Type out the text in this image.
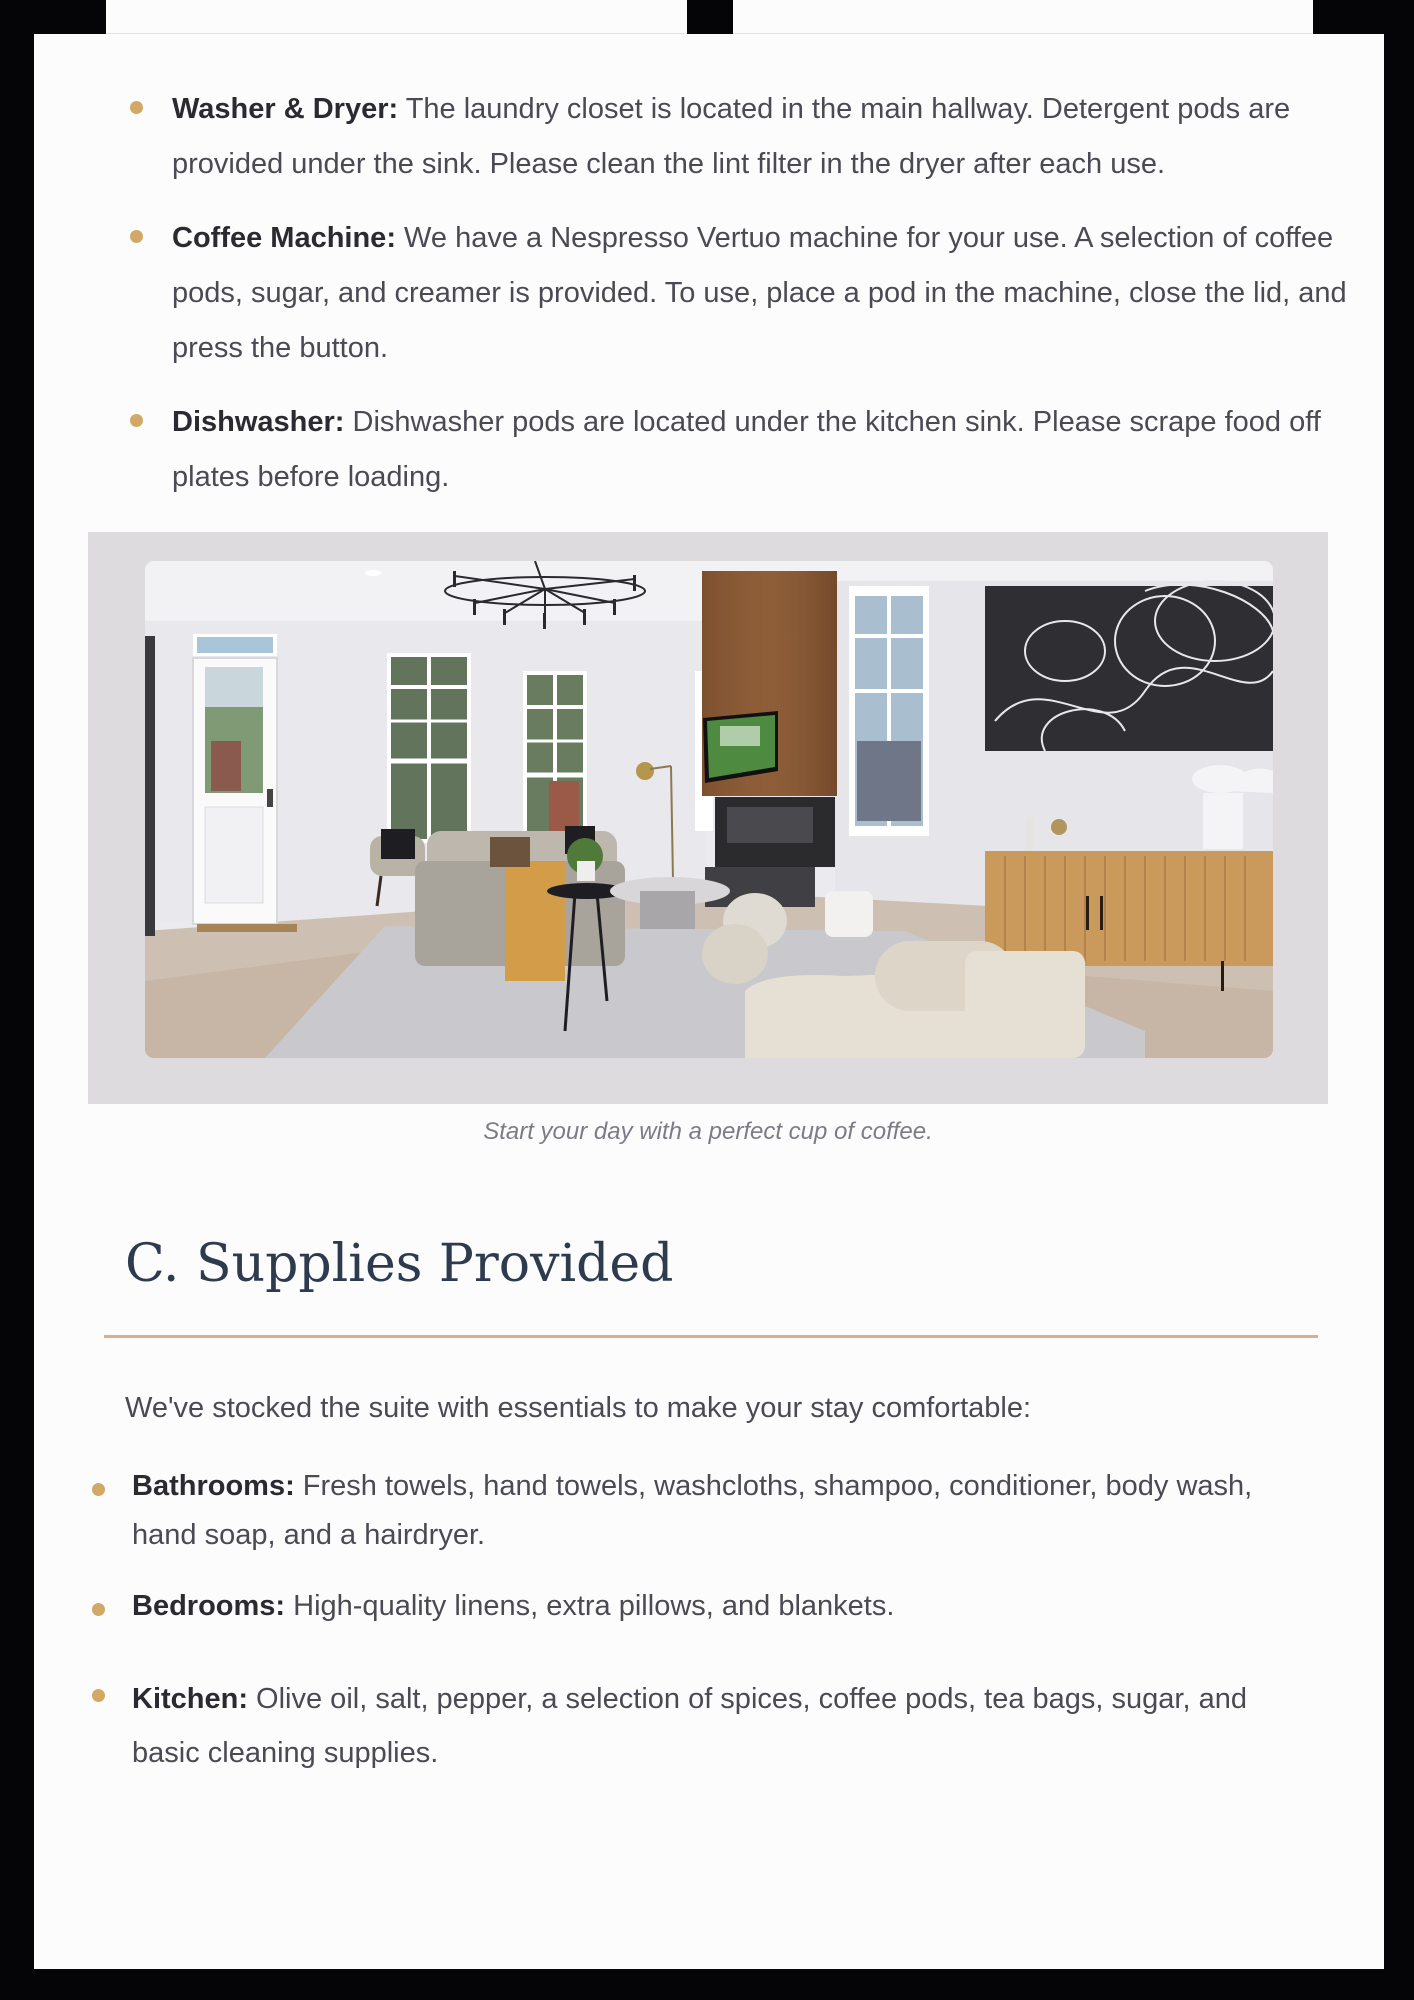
Washer & Dryer: The laundry closet is located in the main hallway. Detergent pods are provided under the sink. Please clean the lint filter in the dryer after each use.
Coffee Machine: We have a Nespresso Vertuo machine for your use. A selection of coffee pods, sugar, and creamer is provided. To use, place a pod in the machine, close the lid, and press the button.
Dishwasher: Dishwasher pods are located under the kitchen sink. Please scrape food off plates before loading.
Start your day with a perfect cup of coffee.
C. Supplies Provided

We've stocked the suite with essentials to make your stay comfortable:

Bathrooms: Fresh towels, hand towels, washcloths, shampoo, conditioner, body wash, hand soap, and a hairdryer.
Bedrooms: High-quality linens, extra pillows, and blankets.
Kitchen: Olive oil, salt, pepper, a selection of spices, coffee pods, tea bags, sugar, and basic cleaning supplies.
